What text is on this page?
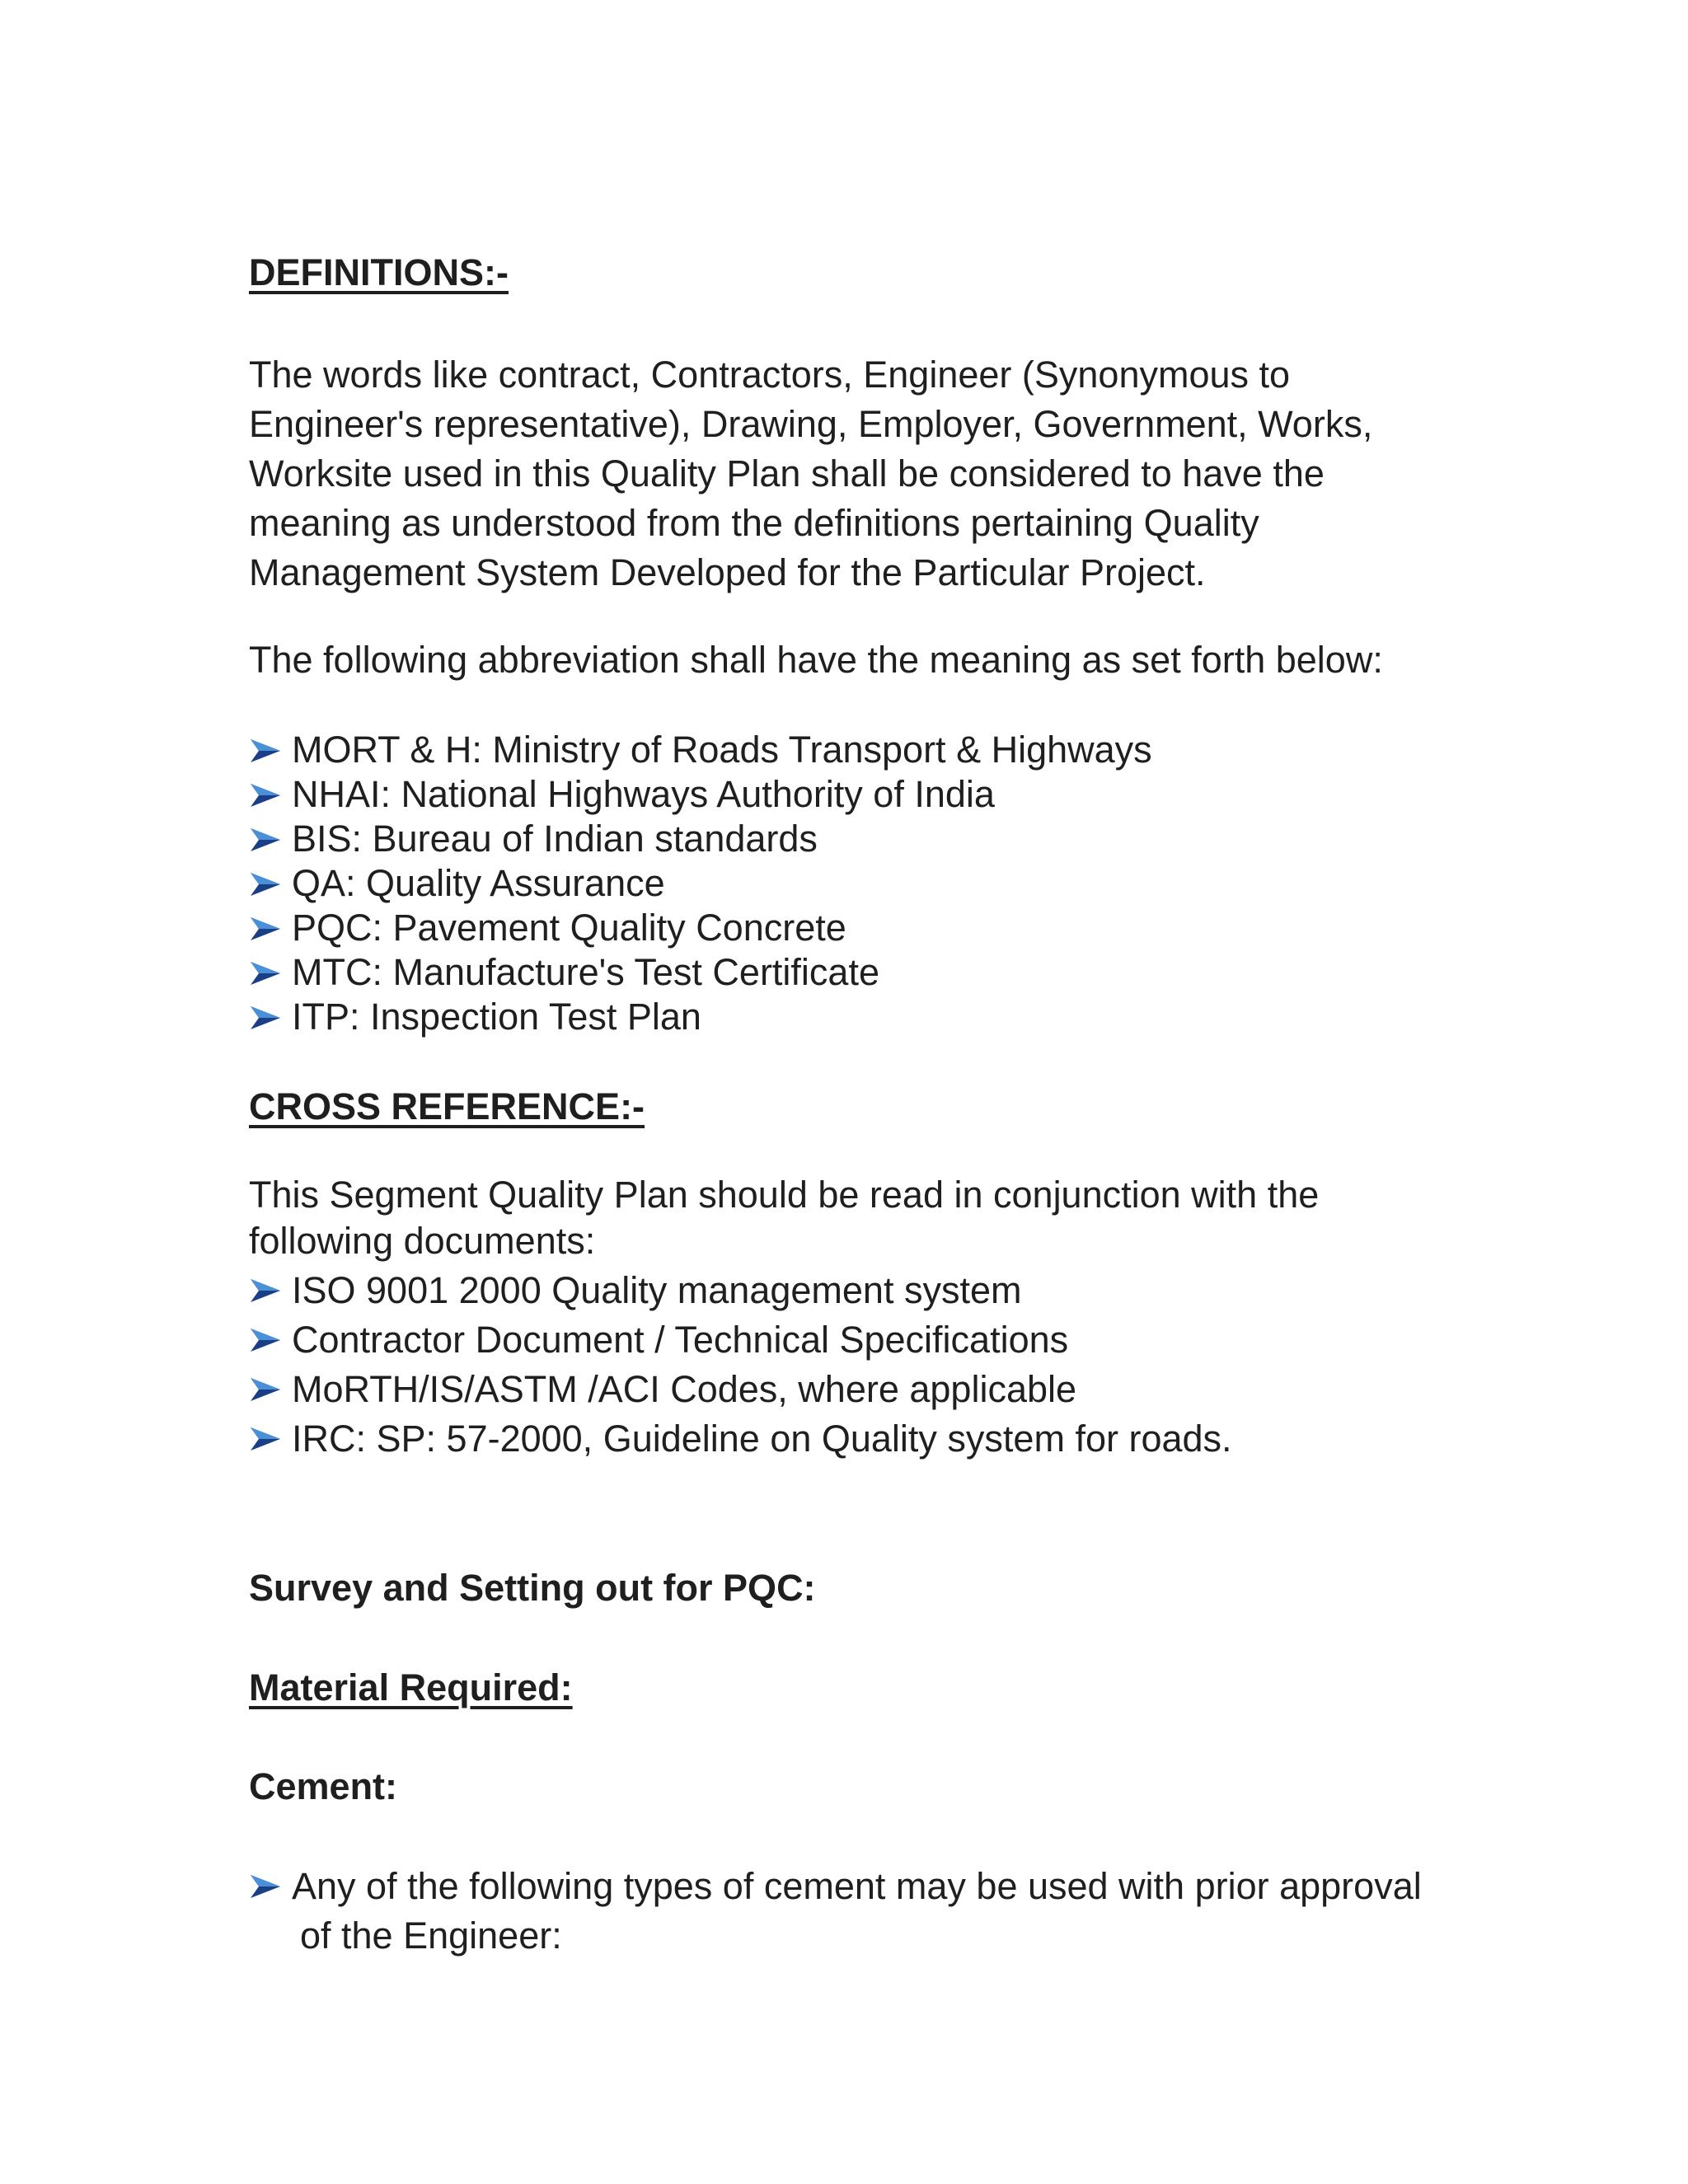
DEFINITIONS:-
The words like contract, Contractors, Engineer (Synonymous to
Engineer's representative), Drawing, Employer, Government, Works,
Worksite used in this Quality Plan shall be considered to have the
meaning as understood from the definitions pertaining Quality
Management System Developed for the Particular Project.
The following abbreviation shall have the meaning as set forth below:
MORT & H: Ministry of Roads Transport & Highways
NHAI: National Highways Authority of India
BIS: Bureau of Indian standards
QA: Quality Assurance
PQC: Pavement Quality Concrete
MTC: Manufacture's Test Certificate
ITP: Inspection Test Plan
CROSS REFERENCE:-
This Segment Quality Plan should be read in conjunction with the
following documents:
ISO 9001 2000 Quality management system
Contractor Document / Technical Specifications
MoRTH/IS/ASTM /ACI Codes, where applicable
IRC: SP: 57-2000, Guideline on Quality system for roads.
Survey and Setting out for PQC:
Material Required:
Cement:
Any of the following types of cement may be used with prior approval
of the Engineer:
